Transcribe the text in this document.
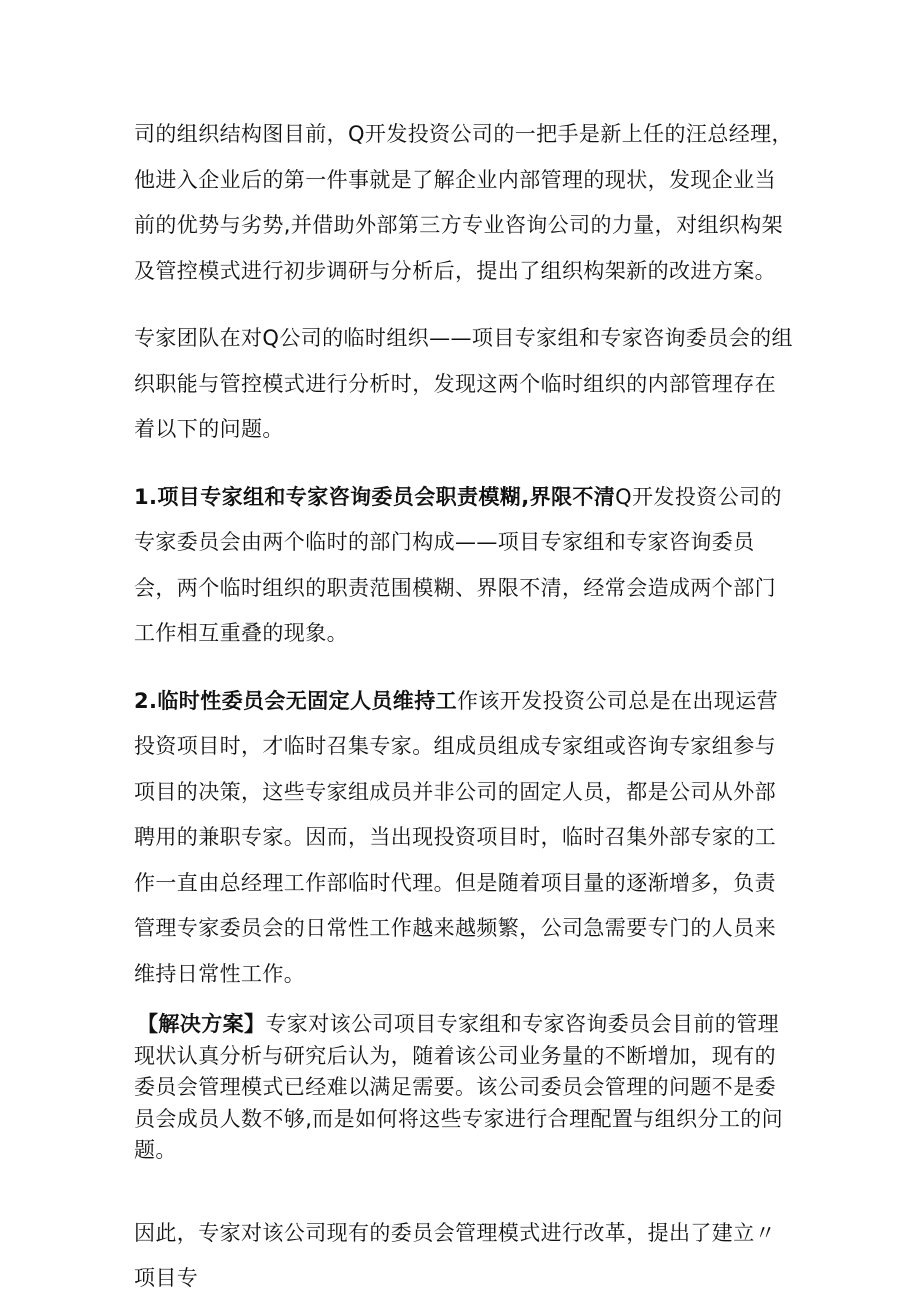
司的组织结构图目前，Q开发投资公司的一把手是新上任的汪总经理，他进入企业后的第一件事就是了解企业内部管理的现状，发现企业当前的优势与劣势,并借助外部第三方专业咨询公司的力量，对组织构架及管控模式进行初步调研与分析后，提出了组织构架新的改进方案。

专家团队在对Q公司的临时组织——项目专家组和专家咨询委员会的组织职能与管控模式进行分析时，发现这两个临时组织的内部管理存在着以下的问题。

1.项目专家组和专家咨询委员会职责模糊,界限不清Q开发投资公司的专家委员会由两个临时的部门构成——项目专家组和专家咨询委员会，两个临时组织的职责范围模糊、界限不清，经常会造成两个部门工作相互重叠的现象。

2.临时性委员会无固定人员维持工作该开发投资公司总是在出现运营投资项目时，才临时召集专家。组成员组成专家组或咨询专家组参与项目的决策，这些专家组成员并非公司的固定人员，都是公司从外部聘用的兼职专家。因而，当出现投资项目时，临时召集外部专家的工作一直由总经理工作部临时代理。但是随着项目量的逐渐增多，负责管理专家委员会的日常性工作越来越频繁，公司急需要专门的人员来维持日常性工作。

【解决方案】专家对该公司项目专家组和专家咨询委员会目前的管理现状认真分析与研究后认为，随着该公司业务量的不断增加，现有的委员会管理模式已经难以满足需要。该公司委员会管理的问题不是委员会成员人数不够,而是如何将这些专家进行合理配置与组织分工的问题。

因此，专家对该公司现有的委员会管理模式进行改革，提出了建立〃项目专
